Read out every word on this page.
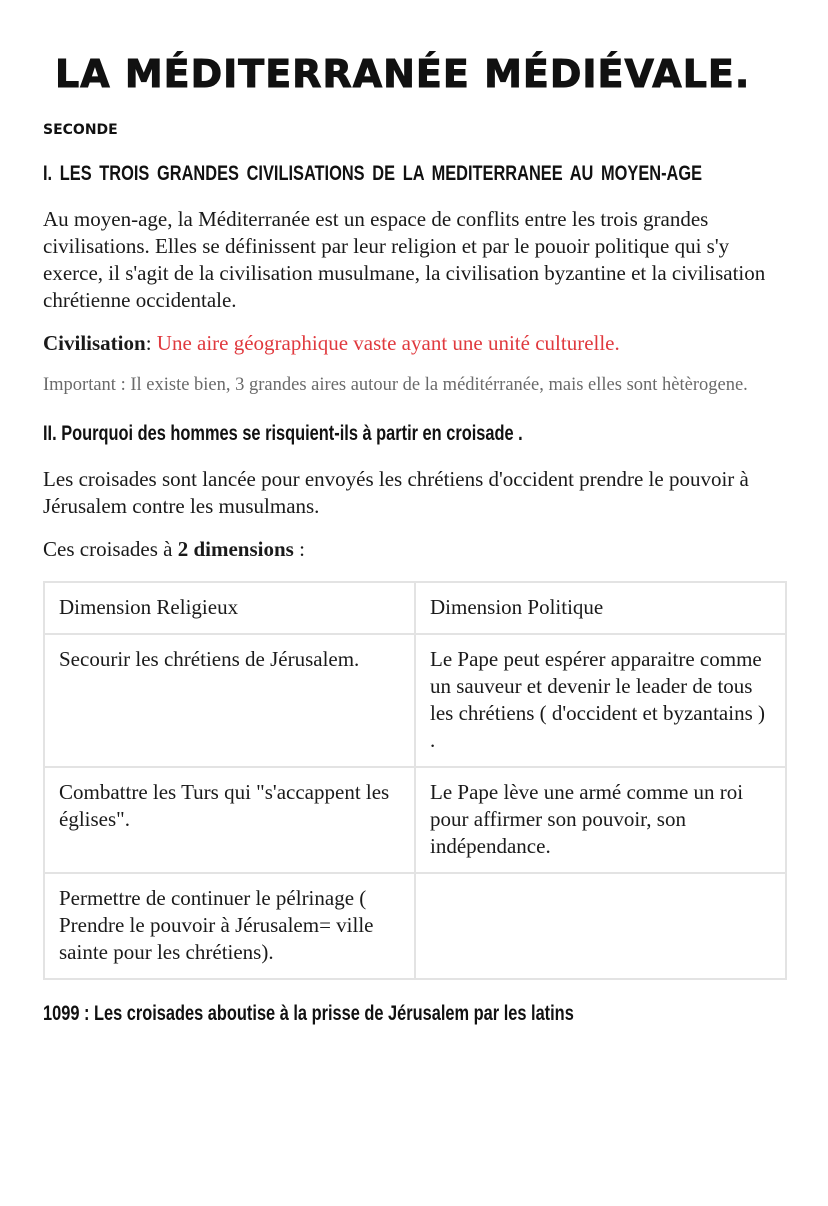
LA MÉDITERRANÉE MÉDIÉVALE.
SECONDE
I. LES TROIS GRANDES CIVILISATIONS DE LA MEDITERRANEE AU MOYEN-AGE

Au moyen-age, la Méditerranée est un espace de conflits entre les trois grandes civilisations. Elles se définissent par leur religion et par le pouoir politique qui s'y exerce, il s'agit de la civilisation musulmane, la civilisation byzantine et la civilisation chrétienne occidentale.

Civilisation: Une aire géographique vaste ayant une unité culturelle.

Important : Il existe bien, 3 grandes aires autour de la méditérranée, mais elles sont hètèrogene.
II. Pourquoi des hommes se risquient-ils à partir en croisade .

Les croisades sont lancée pour envoyés les chrétiens d'occident prendre le pouvoir à Jérusalem contre les musulmans.

Ces croisades à 2 dimensions :

Dimension Religieux	Dimension Politique
Secourir les chrétiens de Jérusalem.	Le Pape peut espérer apparaitre comme un sauveur et devenir le leader de tous les chrétiens ( d'occident et byzantains ) .
Combattre les Turs qui "s'accappent les églises".	Le Pape lève une armé comme un roi pour affirmer son pouvoir, son indépendance.
Permettre de continuer le pélrinage ( Prendre le pouvoir à Jérusalem= ville sainte pour les chrétiens).	
1099 : Les croisades aboutise à la prisse de Jérusalem par les latins
